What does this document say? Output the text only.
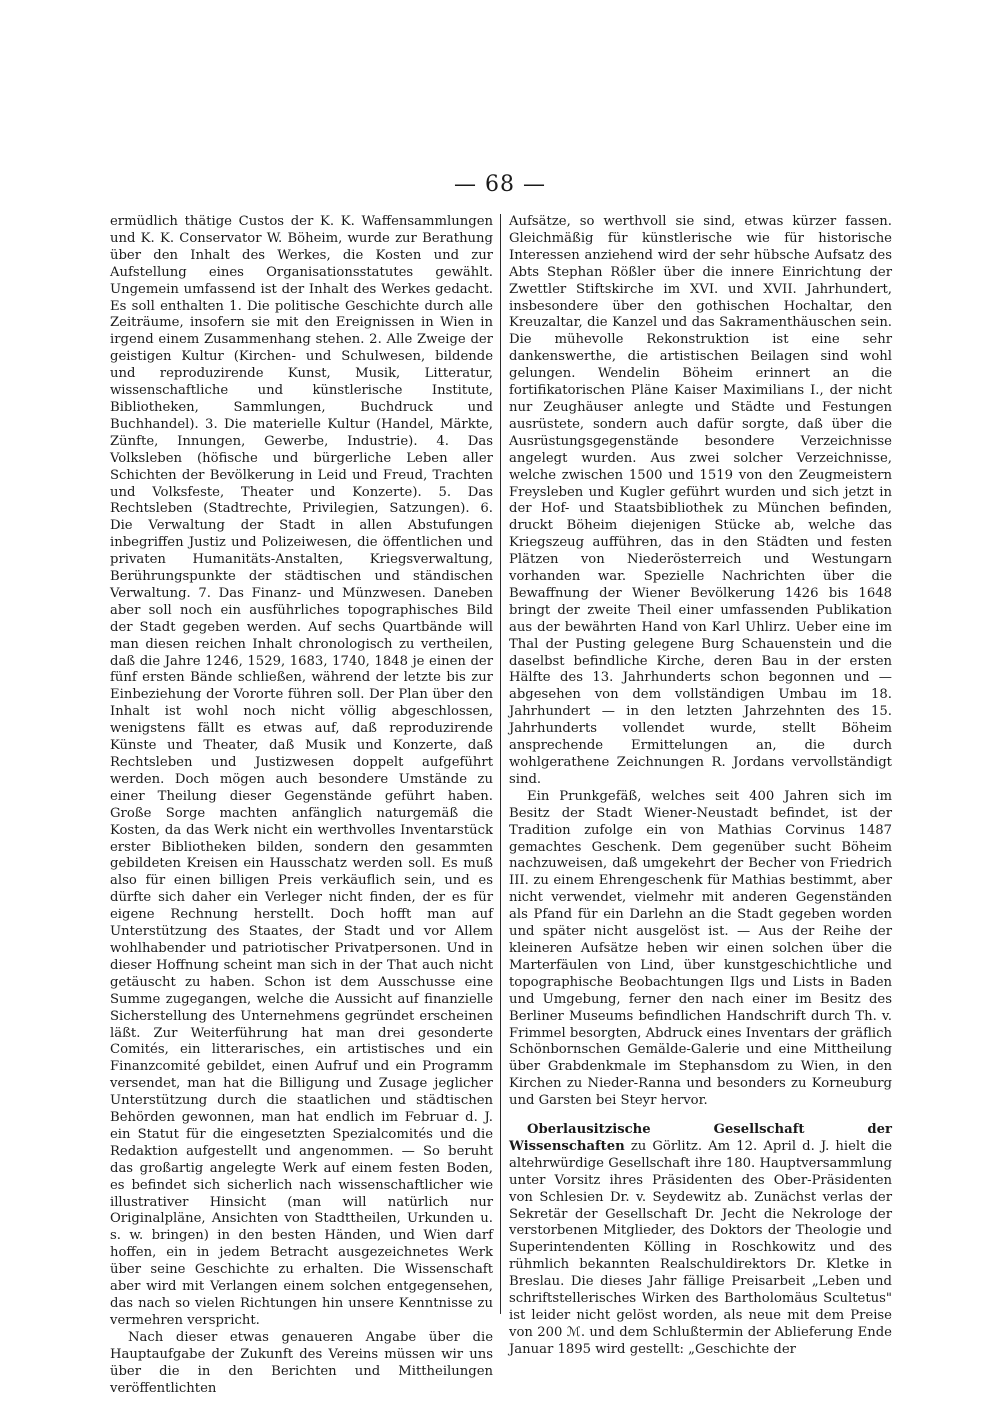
— 68 —

ermüdlich thätige Custos der K. K. Waffensammlungen und K. K. Conservator W. Böheim, wurde zur Berathung über den Inhalt des Werkes, die Kosten und zur Aufstellung eines Organisationsstatutes gewählt. Ungemein umfassend ist der Inhalt des Werkes gedacht. Es soll enthalten 1. Die politische Geschichte durch alle Zeiträume, insofern sie mit den Ereignissen in Wien in irgend einem Zusammenhang stehen. 2. Alle Zweige der geistigen Kultur (Kirchen- und Schulwesen, bildende und reproduzirende Kunst, Musik, Litteratur, wissenschaftliche und künstlerische Institute, Bibliotheken, Sammlungen, Buchdruck und Buchhandel). 3. Die materielle Kultur (Handel, Märkte, Zünfte, Innungen, Gewerbe, Industrie). 4. Das Volksleben (höfische und bürgerliche Leben aller Schichten der Bevölkerung in Leid und Freud, Trachten und Volksfeste, Theater und Konzerte). 5. Das Rechtsleben (Stadtrechte, Privilegien, Satzungen). 6. Die Verwaltung der Stadt in allen Abstufungen inbegriffen Justiz und Polizeiwesen, die öffentlichen und privaten Humanitäts-Anstalten, Kriegsverwaltung, Berührungspunkte der städtischen und ständischen Verwaltung. 7. Das Finanz- und Münzwesen. Daneben aber soll noch ein ausführliches topographisches Bild der Stadt gegeben werden. Auf sechs Quartbände will man diesen reichen Inhalt chronologisch zu vertheilen, daß die Jahre 1246, 1529, 1683, 1740, 1848 je einen der fünf ersten Bände schließen, während der letzte bis zur Einbeziehung der Vororte führen soll. Der Plan über den Inhalt ist wohl noch nicht völlig abgeschlossen, wenigstens fällt es etwas auf, daß reproduzirende Künste und Theater, daß Musik und Konzerte, daß Rechtsleben und Justizwesen doppelt aufgeführt werden. Doch mögen auch besondere Umstände zu einer Theilung dieser Gegenstände geführt haben. Große Sorge machten anfänglich naturgemäß die Kosten, da das Werk nicht ein werthvolles Inventarstück erster Bibliotheken bilden, sondern den gesammten gebildeten Kreisen ein Hausschatz werden soll. Es muß also für einen billigen Preis verkäuflich sein, und es dürfte sich daher ein Verleger nicht finden, der es für eigene Rechnung herstellt. Doch hofft man auf Unterstützung des Staates, der Stadt und vor Allem wohlhabender und patriotischer Privatpersonen. Und in dieser Hoffnung scheint man sich in der That auch nicht getäuscht zu haben. Schon ist dem Ausschusse eine Summe zugegangen, welche die Aussicht auf finanzielle Sicherstellung des Unternehmens gegründet erscheinen läßt. Zur Weiterführung hat man drei gesonderte Comités, ein litterarisches, ein artistisches und ein Finanzcomité gebildet, einen Aufruf und ein Programm versendet, man hat die Billigung und Zusage jeglicher Unterstützung durch die staatlichen und städtischen Behörden gewonnen, man hat endlich im Februar d. J. ein Statut für die eingesetzten Spezialcomités und die Redaktion aufgestellt und angenommen. — So beruht das großartig angelegte Werk auf einem festen Boden, es befindet sich sicherlich nach wissenschaftlicher wie illustrativer Hinsicht (man will natürlich nur Originalpläne, Ansichten von Stadttheilen, Urkunden u. s. w. bringen) in den besten Händen, und Wien darf hoffen, ein in jedem Betracht ausgezeichnetes Werk über seine Geschichte zu erhalten. Die Wissenschaft aber wird mit Verlangen einem solchen entgegensehen, das nach so vielen Richtungen hin unsere Kenntnisse zu vermehren verspricht.

Nach dieser etwas genaueren Angabe über die Hauptaufgabe der Zukunft des Vereins müssen wir uns über die in den Berichten und Mittheilungen veröffentlichten

Aufsätze, so werthvoll sie sind, etwas kürzer fassen. Gleichmäßig für künstlerische wie für historische Interessen anziehend wird der sehr hübsche Aufsatz des Abts Stephan Rößler über die innere Einrichtung der Zwettler Stiftskirche im XVI. und XVII. Jahrhundert, insbesondere über den gothischen Hochaltar, den Kreuzaltar, die Kanzel und das Sakramenthäuschen sein. Die mühevolle Rekonstruktion ist eine sehr dankenswerthe, die artistischen Beilagen sind wohl gelungen. Wendelin Böheim erinnert an die fortifikatorischen Pläne Kaiser Maximilians I., der nicht nur Zeughäuser anlegte und Städte und Festungen ausrüstete, sondern auch dafür sorgte, daß über die Ausrüstungsgegenstände besondere Verzeichnisse angelegt wurden. Aus zwei solcher Verzeichnisse, welche zwischen 1500 und 1519 von den Zeugmeistern Freysleben und Kugler geführt wurden und sich jetzt in der Hof- und Staatsbibliothek zu München befinden, druckt Böheim diejenigen Stücke ab, welche das Kriegszeug aufführen, das in den Städten und festen Plätzen von Niederösterreich und Westungarn vorhanden war. Spezielle Nachrichten über die Bewaffnung der Wiener Bevölkerung 1426 bis 1648 bringt der zweite Theil einer umfassenden Publikation aus der bewährten Hand von Karl Uhlirz. Ueber eine im Thal der Pusting gelegene Burg Schauenstein und die daselbst befindliche Kirche, deren Bau in der ersten Hälfte des 13. Jahrhunderts schon begonnen und — abgesehen von dem vollständigen Umbau im 18. Jahrhundert — in den letzten Jahrzehnten des 15. Jahrhunderts vollendet wurde, stellt Böheim ansprechende Ermittelungen an, die durch wohlgerathene Zeichnungen R. Jordans vervollständigt sind.

Ein Prunkgefäß, welches seit 400 Jahren sich im Besitz der Stadt Wiener-Neustadt befindet, ist der Tradition zufolge ein von Mathias Corvinus 1487 gemachtes Geschenk. Dem gegenüber sucht Böheim nachzuweisen, daß umgekehrt der Becher von Friedrich III. zu einem Ehrengeschenk für Mathias bestimmt, aber nicht verwendet, vielmehr mit anderen Gegenständen als Pfand für ein Darlehn an die Stadt gegeben worden und später nicht ausgelöst ist. — Aus der Reihe der kleineren Aufsätze heben wir einen solchen über die Marterfäulen von Lind, über kunstgeschichtliche und topographische Beobachtungen Ilgs und Lists in Baden und Umgebung, ferner den nach einer im Besitz des Berliner Museums befindlichen Handschrift durch Th. v. Frimmel besorgten, Abdruck eines Inventars der gräflich Schönbornschen Gemälde-Galerie und eine Mittheilung über Grabdenkmale im Stephansdom zu Wien, in den Kirchen zu Nieder-Ranna und besonders zu Korneuburg und Garsten bei Steyr hervor.

Oberlausitzische Gesellschaft der Wissenschaften zu Görlitz. Am 12. April d. J. hielt die altehrwürdige Gesellschaft ihre 180. Hauptversammlung unter Vorsitz ihres Präsidenten des Ober-Präsidenten von Schlesien Dr. v. Seydewitz ab. Zunächst verlas der Sekretär der Gesellschaft Dr. Jecht die Nekrologe der verstorbenen Mitglieder, des Doktors der Theologie und Superintendenten Kölling in Roschkowitz und des rühmlich bekannten Realschuldirektors Dr. Kletke in Breslau. Die dieses Jahr fällige Preisarbeit „Leben und schriftstellerisches Wirken des Bartholomäus Scultetus" ist leider nicht gelöst worden, als neue mit dem Preise von 200 ℳ. und dem Schlußtermin der Ablieferung Ende Januar 1895 wird gestellt: „Geschichte der
